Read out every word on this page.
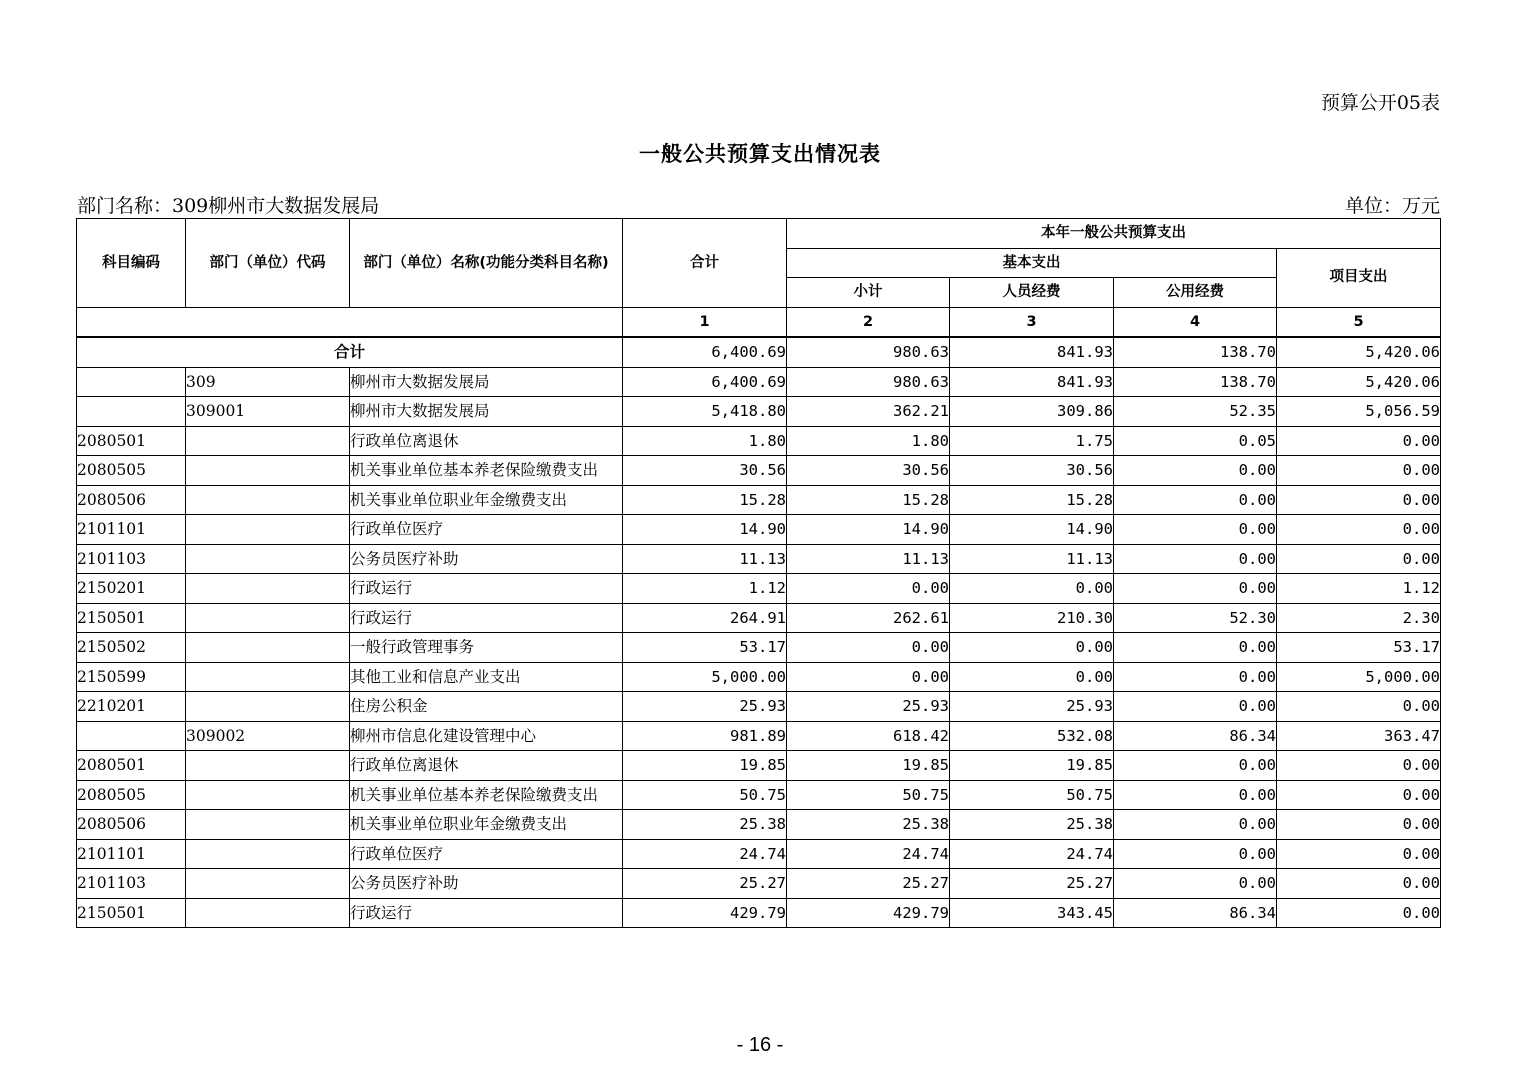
预算公开05表
一般公共预算支出情况表
部门名称：309柳州市大数据发展局	单位：万元
科目编码	部门（单位）代码	部门（单位）名称(功能分类科目名称)	合计	本年一般公共预算支出			
				基本支出			项目支出
				小计	人员经费	公用经费	
			1	2	3	4	5
合计			6,400.69	980.63	841.93	138.70	5,420.06
	309	柳州市大数据发展局	6,400.69	980.63	841.93	138.70	5,420.06
	309001	柳州市大数据发展局	5,418.80	362.21	309.86	52.35	5,056.59
2080501		行政单位离退休	1.80	1.80	1.75	0.05	0.00
2080505		机关事业单位基本养老保险缴费支出	30.56	30.56	30.56	0.00	0.00
2080506		机关事业单位职业年金缴费支出	15.28	15.28	15.28	0.00	0.00
2101101		行政单位医疗	14.90	14.90	14.90	0.00	0.00
2101103		公务员医疗补助	11.13	11.13	11.13	0.00	0.00
2150201		行政运行	1.12	0.00	0.00	0.00	1.12
2150501		行政运行	264.91	262.61	210.30	52.30	2.30
2150502		一般行政管理事务	53.17	0.00	0.00	0.00	53.17
2150599		其他工业和信息产业支出	5,000.00	0.00	0.00	0.00	5,000.00
2210201		住房公积金	25.93	25.93	25.93	0.00	0.00
	309002	柳州市信息化建设管理中心	981.89	618.42	532.08	86.34	363.47
2080501		行政单位离退休	19.85	19.85	19.85	0.00	0.00
2080505		机关事业单位基本养老保险缴费支出	50.75	50.75	50.75	0.00	0.00
2080506		机关事业单位职业年金缴费支出	25.38	25.38	25.38	0.00	0.00
2101101		行政单位医疗	24.74	24.74	24.74	0.00	0.00
2101103		公务员医疗补助	25.27	25.27	25.27	0.00	0.00
2150501		行政运行	429.79	429.79	343.45	86.34	0.00
- 16 -
